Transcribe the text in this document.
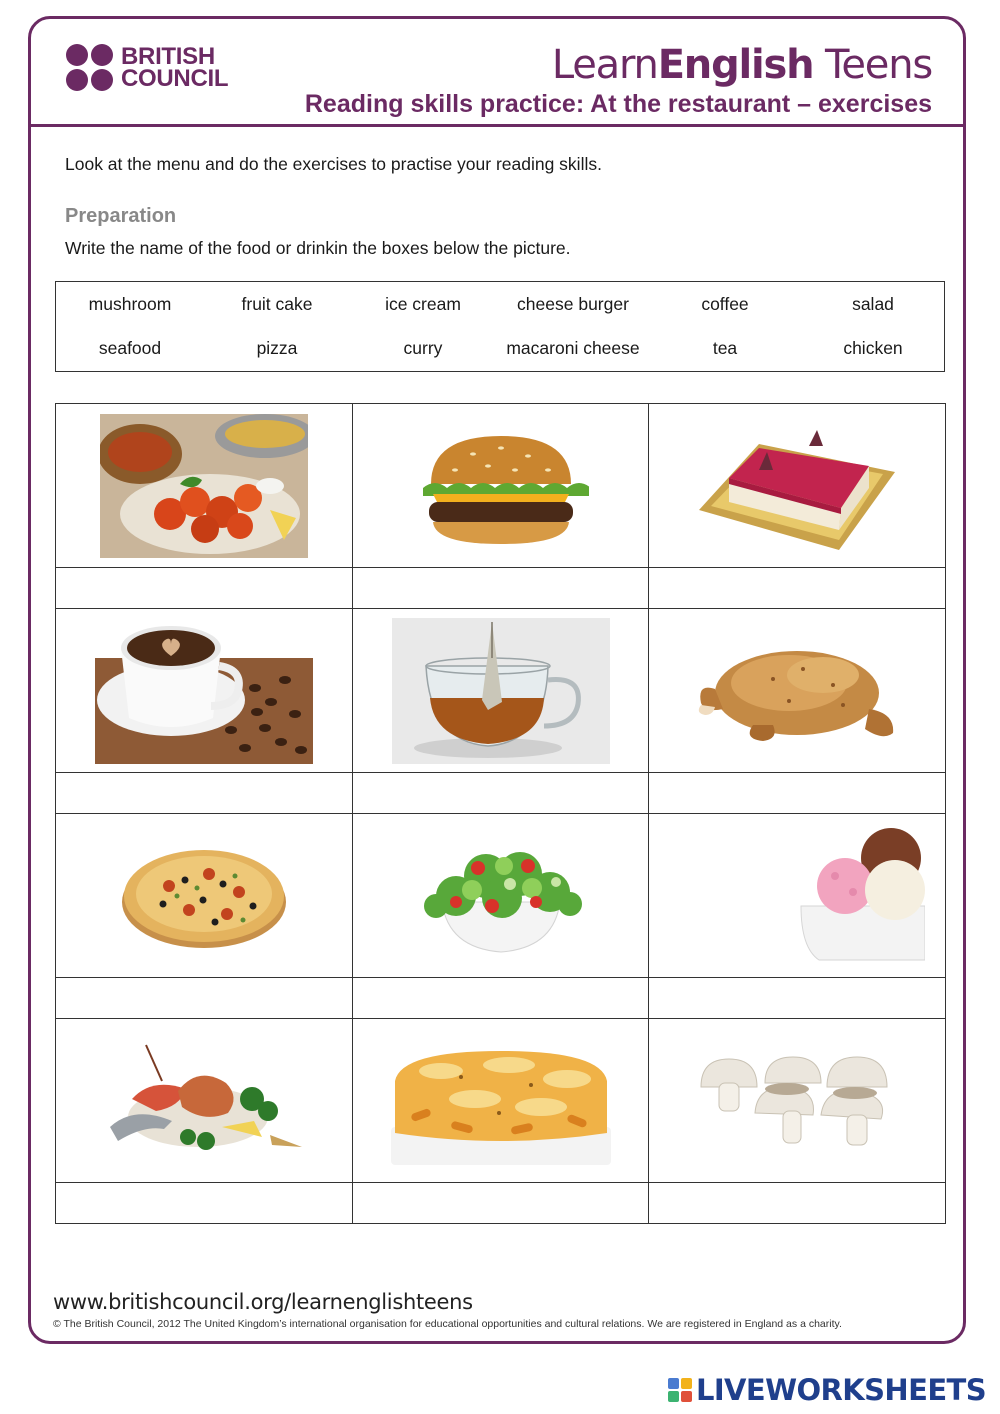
BRITISH
COUNCIL	LearnEnglish Teens
Reading skills practice: At the restaurant – exercises
Look at the menu and do the exercises to practise your reading skills.
Preparation
Write the name of the food or drinkin the boxes below the picture.
mushroom	fruit cake	ice cream	cheese burger	coffee	salad
seafood	pizza	curry	macaroni cheese	tea	chicken

www.britishcouncil.org/learnenglishteens
© The British Council, 2012 The United Kingdom’s international organisation for educational opportunities and cultural relations. We are registered in England as a charity.
LIVEWORKSHEETS
